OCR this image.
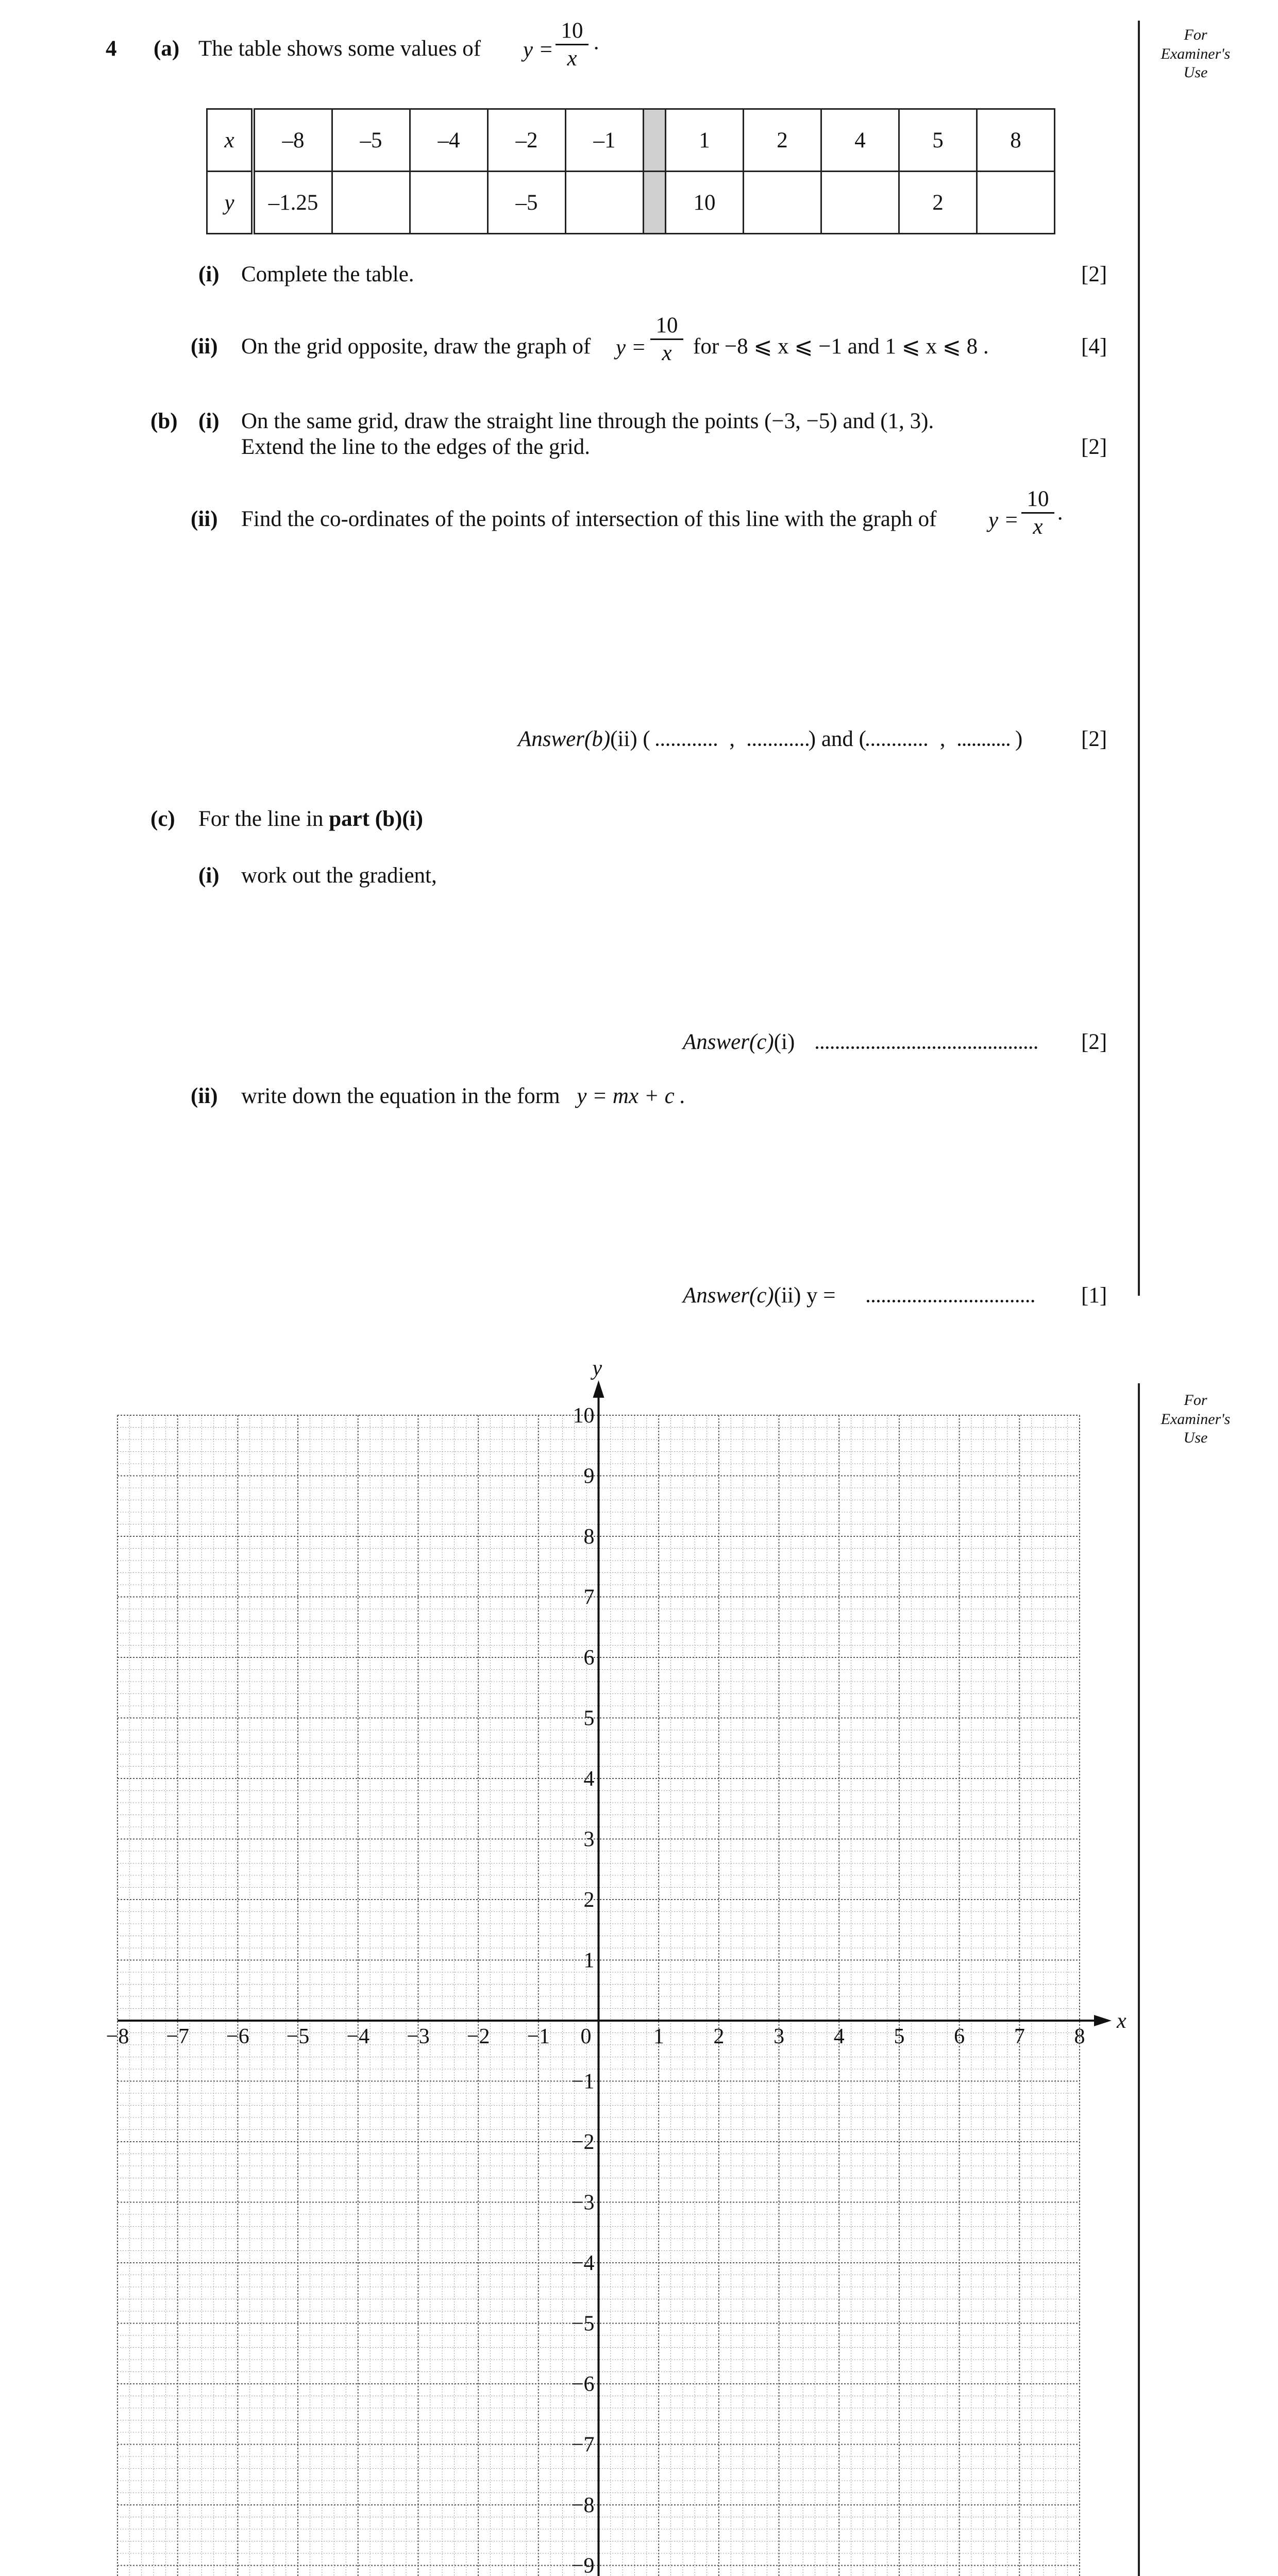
For Examiner's Use
For Examiner's Use
4 (a) The table shows some values of y =
10
x ·
x	–8	–5	–4	–2	–1		1	2	4	5	8
y	–1.25			–5			10			2	
(i) Complete the table.	[2]
(ii) On the grid opposite, draw the graph of y =
10
x for −8 ⩽ x ⩽ −1 and 1 ⩽ x ⩽ 8 .	[4]
(b) (i) On the same grid, draw the straight line through the points (−3, −5) and (1, 3).
Extend the line to the edges of the grid.	[2]
(ii) Find the co-ordinates of the points of intersection of this line with the graph of y =
10
x ·
Answer(b)(ii) (	,	) and (	,	)	[2]
(c) For the line in part (b)(i)
(i) work out the gradient,
Answer(c)(i)	[2]
(ii) write down the equation in the form y = mx + c .
Answer(c)(ii) y =	[1]
x
y
−8 −7 −6 −5 −4 −3 −2 −1 0	1 2 3 4 5 6 7 8
10
9
8
7
6
5
4
3
2
1
−1
−2
−3
−4
−5
−6
−7
−8
−9
